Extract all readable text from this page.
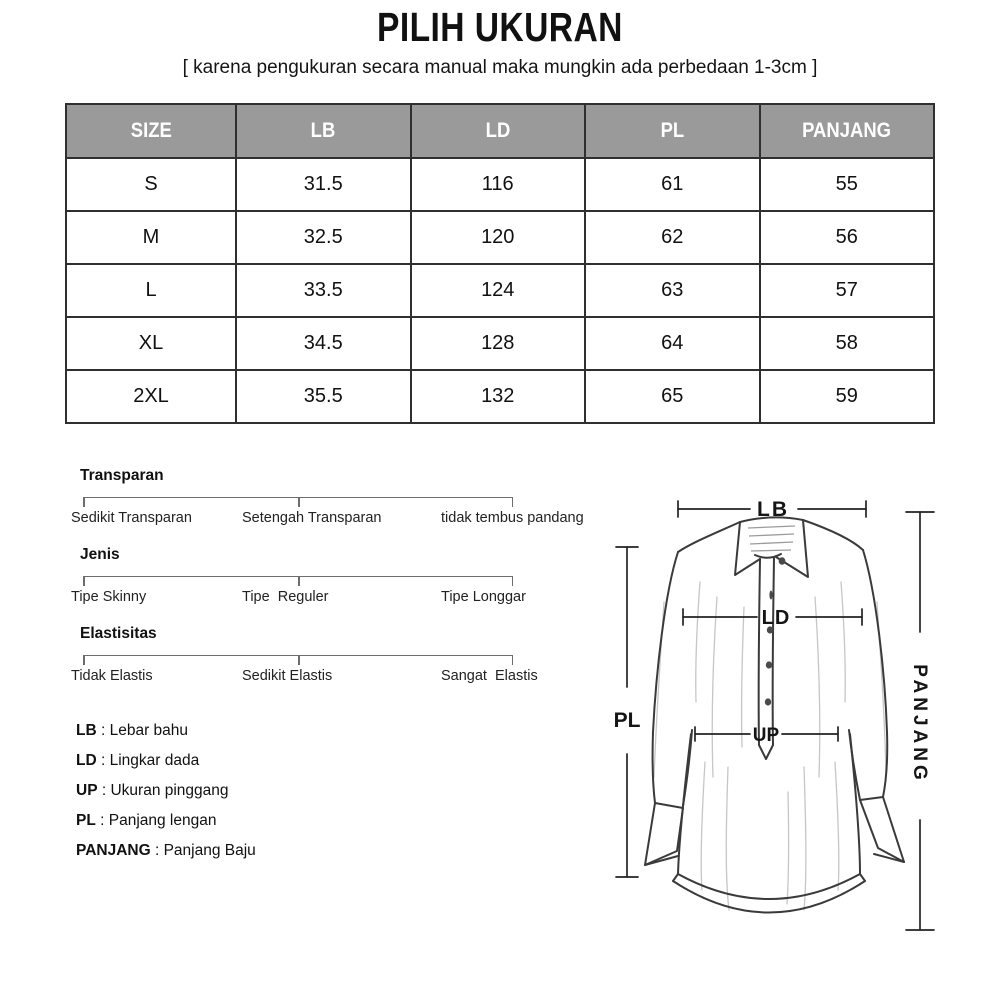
PILIH UKURAN
[ karena pengukuran secara manual maka mungkin ada perbedaan 1-3cm ]
SIZE	LB	LD	PL	PANJANG
S	31.5	116	61	55
M	32.5	120	62	56
L	33.5	124	63	57
XL	34.5	128	64	58
2XL	35.5	132	65	59
Transparan
Sedikit Transparan	Setengah Transparan	tidak tembus pandang
Jenis
Tipe Skinny	Tipe  Reguler	Tipe Longgar
Elastisitas
Tidak Elastis	Sedikit Elastis	Sangat  Elastis
LB : Lebar bahu
LD : Lingkar dada
UP : Ukuran pinggang
PL : Panjang lengan
PANJANG : Panjang Baju
LB
LD
UP
PL	PANJANG
